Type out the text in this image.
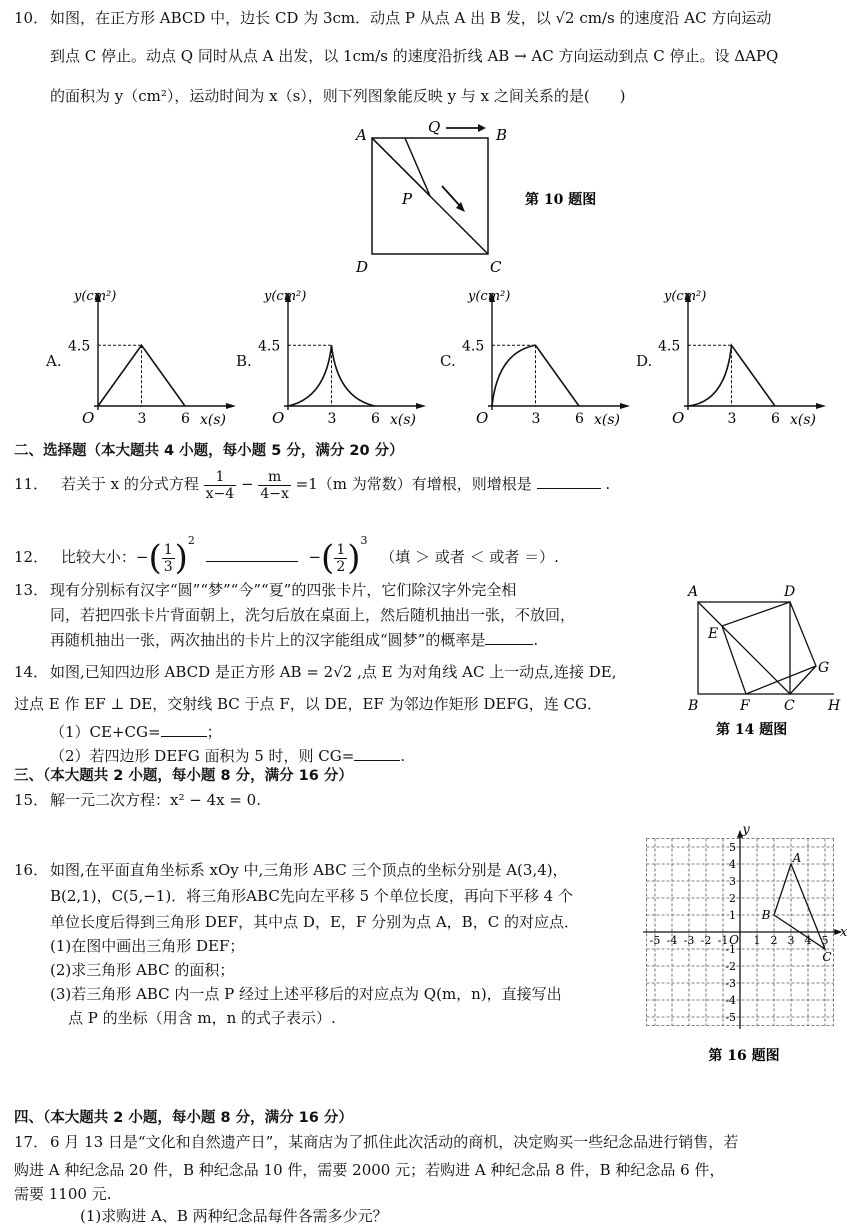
10． 如图，在正方形 ABCD 中，边长 CD 为 3cm．动点 P 从点 A 出 B 发，以 √2 cm/s 的速度沿 AC 方向运动
到点 C 停止。动点 Q 同时从点 A 出发，以 1cm/s 的速度沿折线 AB → AC 方向运动到点 C 停止。设 ΔAPQ
的面积为 y（cm²），运动时间为 x（s），则下列图象能反映 y 与 x 之间关系的是(　　)
A	B
C
D
P
Q
第 10 题图
A.
y(cm²)
x(s)
O
4.5
3 6
B.
y(cm²)
x(s)
O
4.5
3 6
C.
y(cm²)
x(s)
O
4.5
3 6
D.
y(cm²)
x(s)
O
4.5
3 6
二、选择题（本大题共 4 小题，每小题 5 分，满分 20 分）
11． 若关于 x 的分式方程 $\frac{1}{x-4} - \frac{m}{4-x} =1(m$ 为常数）有增根，则增根是	.
12． 比较大小：−( $\frac{1}{3} )^2$  −( $\frac{1}{2} )^3$ （填 ＞ 或者 ＜ 或者 ＝）.
13． 现有分别标有汉字“圆”“梦”“今”“夏”的四张卡片，它们除汉字外完全相
同，若把四张卡片背面朝上，洗匀后放在桌面上，然后随机抽出一张，不放回，
再随机抽出一张，两次抽出的卡片上的汉字能组成“圆梦”的概率是	.
14． 如图,已知四边形 ABCD 是正方形 AB = 2√2 ,点 E 为对角线 AC 上一动点,连接 DE,
过点 E 作 EF ⊥ DE，交射线 BC 于点 F，以 DE，EF 为邻边作矩形 DEFG，连 CG．
（1）CE+CG=	；
（2）若四边形 DEFG 面积为 5 时，则 CG=	.
A	D
E
G
B	F C H
第 14 题图
三、（本大题共 2 小题，每小题 8 分，满分 16 分）
15． 解一元二次方程：x² − 4x = 0.
16． 如图,在平面直角坐标系 xOy 中,三角形 ABC 三个顶点的坐标分别是 A(3,4)，
B(2,1)，C(5,−1)．将三角形ABC先向左平移 5 个单位长度，再向下平移 4 个
单位长度后得到三角形 DEF，其中点 D，E，F 分别为点 A，B，C 的对应点．
(1)在图中画出三角形 DEF；
(2)求三角形 ABC 的面积；
(3)若三角形 ABC 内一点 P 经过上述平移后的对应点为 Q(m，n)，直接写出
点 P 的坐标（用含 m，n 的式子表示）.
-5 -4 -3 -2 -1 1 2 3 4 5
5
4
3
2
1
-1
-2
-3
-4
-5
x
y
O
A
B
C
第 16 题图
四、（本大题共 2 小题，每小题 8 分，满分 16 分）
17． 6 月 13 日是“文化和自然遗产日”，某商店为了抓住此次活动的商机，决定购买一些纪念品进行销售，若
购进 A 种纪念品 20 件，B 种纪念品 10 件，需要 2000 元；若购进 A 种纪念品 8 件，B 种纪念品 6 件，
需要 1100 元.
(1)求购进 A、B 两种纪念品每件各需多少元？
